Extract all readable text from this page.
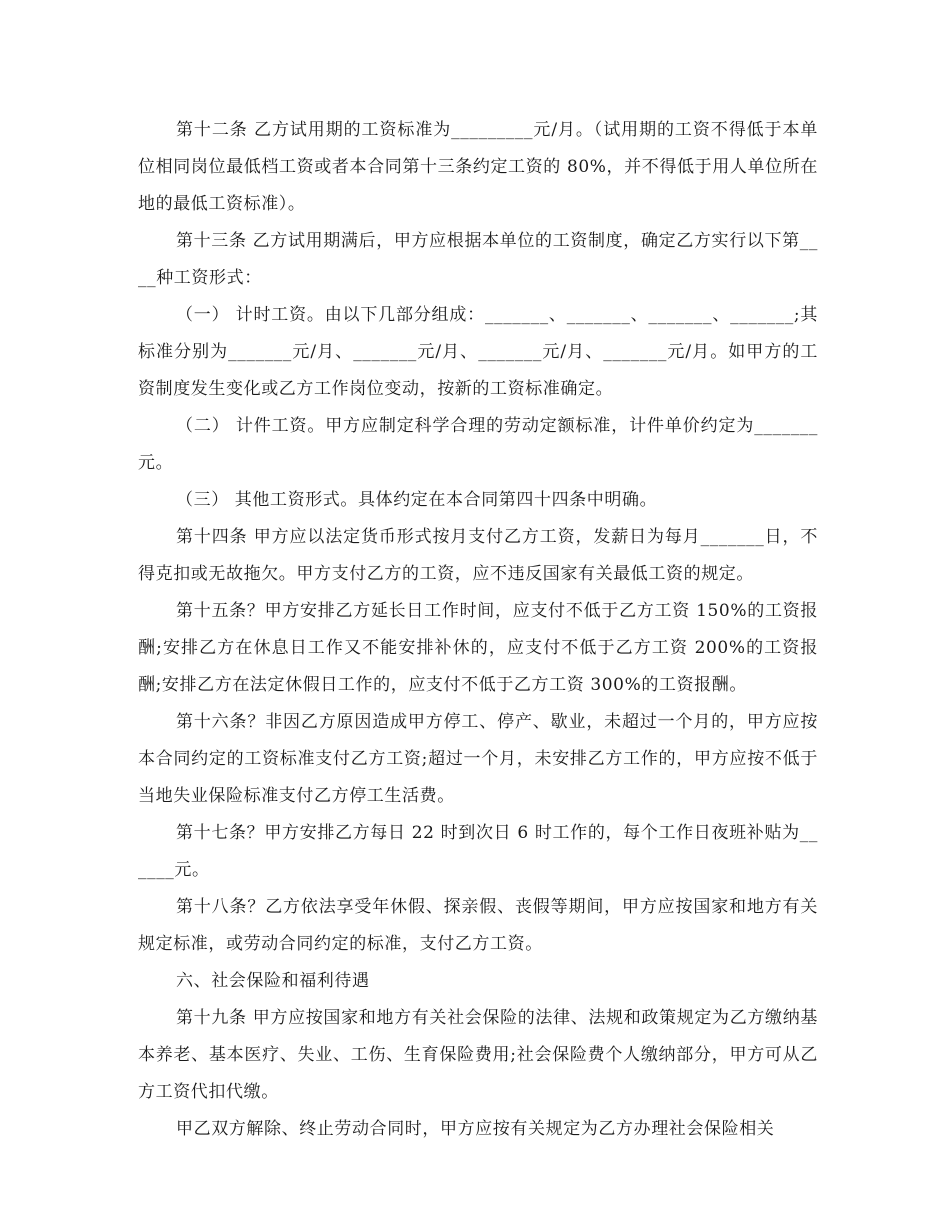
第十二条 乙方试用期的工资标准为_________元/月。（试用期的工资不得低于本单位相同岗位最低档工资或者本合同第十三条约定工资的 80%，并不得低于用人单位所在地的最低工资标准）。

第十三条 乙方试用期满后，甲方应根据本单位的工资制度，确定乙方实行以下第____种工资形式：

（一） 计时工资。由以下几部分组成：_______、_______、_______、_______;其标准分别为_______元/月、_______元/月、_______元/月、_______元/月。如甲方的工资制度发生变化或乙方工作岗位变动，按新的工资标准确定。

（二） 计件工资。甲方应制定科学合理的劳动定额标准，计件单价约定为_______元。

（三） 其他工资形式。具体约定在本合同第四十四条中明确。

第十四条 甲方应以法定货币形式按月支付乙方工资，发薪日为每月_______日，不得克扣或无故拖欠。甲方支付乙方的工资，应不违反国家有关最低工资的规定。

第十五条？甲方安排乙方延长日工作时间，应支付不低于乙方工资 150%的工资报酬;安排乙方在休息日工作又不能安排补休的，应支付不低于乙方工资 200%的工资报酬;安排乙方在法定休假日工作的，应支付不低于乙方工资 300%的工资报酬。

第十六条？非因乙方原因造成甲方停工、停产、歇业，未超过一个月的，甲方应按本合同约定的工资标准支付乙方工资;超过一个月，未安排乙方工作的，甲方应按不低于当地失业保险标准支付乙方停工生活费。

第十七条？甲方安排乙方每日 22 时到次日 6 时工作的，每个工作日夜班补贴为______元。

第十八条？乙方依法享受年休假、探亲假、丧假等期间，甲方应按国家和地方有关规定标准，或劳动合同约定的标准，支付乙方工资。

六、社会保险和福利待遇

第十九条 甲方应按国家和地方有关社会保险的法律、法规和政策规定为乙方缴纳基本养老、基本医疗、失业、工伤、生育保险费用;社会保险费个人缴纳部分，甲方可从乙方工资代扣代缴。

甲乙双方解除、终止劳动合同时，甲方应按有关规定为乙方办理社会保险相关
